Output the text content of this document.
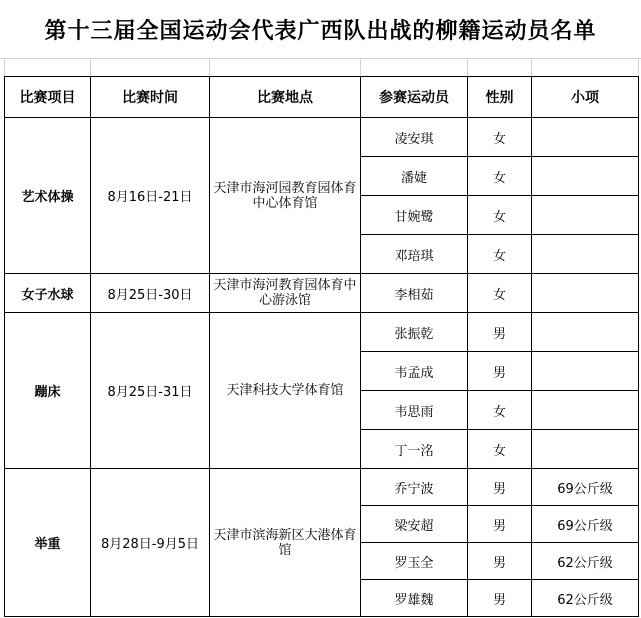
第十三届全国运动会代表广西队出战的柳籍运动员名单
比赛项目	比赛时间	比赛地点	参赛运动员	性别	小项
艺术体操	8月16日-21日	天津市海河园教育园体育中心体育馆	凌安琪	女	
			潘婕	女	
			甘婉鹭	女	
			邓琣琪	女	
女子水球	8月25日-30日	天津市海河教育园体育中心游泳馆	李相茹	女	
蹦床	8月25日-31日	天津科技大学体育馆	张振乾	男	
			韦孟成	男	
			韦思雨	女	
			丁一洺	女	
举重	8月28日-9月5日	天津市滨海新区大港体育馆	乔宁波	男	69公斤级
			梁安超	男	69公斤级
			罗玉全	男	62公斤级
			罗雄魏	男	62公斤级
